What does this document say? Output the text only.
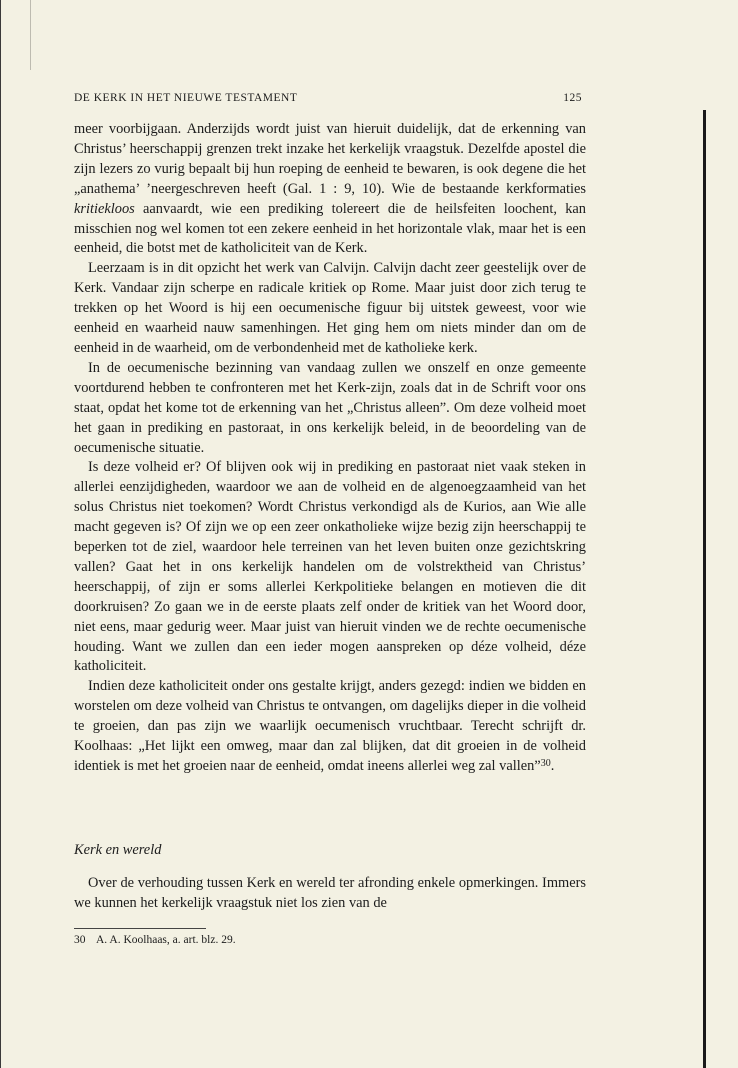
DE KERK IN HET NIEUWE TESTAMENT	125

meer voorbijgaan. Anderzijds wordt juist van hieruit duidelijk, dat de erkenning van Christus’ heerschappij grenzen trekt inzake het kerkelijk vraagstuk. Dezelfde apostel die zijn lezers zo vurig bepaalt bij hun roeping de eenheid te bewaren, is ook degene die het „anathema’ ’neergeschreven heeft (Gal. 1 : 9, 10). Wie de bestaande kerkformaties kritiekloos aanvaardt, wie een prediking tolereert die de heilsfeiten loochent, kan misschien nog wel komen tot een zekere eenheid in het horizontale vlak, maar het is een eenheid, die botst met de katholiciteit van de Kerk.

Leerzaam is in dit opzicht het werk van Calvijn. Calvijn dacht zeer geestelijk over de Kerk. Vandaar zijn scherpe en radicale kritiek op Rome. Maar juist door zich terug te trekken op het Woord is hij een oecumenische figuur bij uitstek geweest, voor wie eenheid en waarheid nauw samenhingen. Het ging hem om niets minder dan om de eenheid in de waarheid, om de verbondenheid met de katholieke kerk.

In de oecumenische bezinning van vandaag zullen we onszelf en onze gemeente voortdurend hebben te confronteren met het Kerk-zijn, zoals dat in de Schrift voor ons staat, opdat het kome tot de erkenning van het „Christus alleen”. Om deze volheid moet het gaan in prediking en pastoraat, in ons kerkelijk beleid, in de beoordeling van de oecumenische situatie.

Is deze volheid er? Of blijven ook wij in prediking en pastoraat niet vaak steken in allerlei eenzijdigheden, waardoor we aan de volheid en de algenoegzaamheid van het solus Christus niet toekomen? Wordt Christus verkondigd als de Kurios, aan Wie alle macht gegeven is? Of zijn we op een zeer onkatholieke wijze bezig zijn heerschappij te beperken tot de ziel, waardoor hele terreinen van het leven buiten onze gezichtskring vallen? Gaat het in ons kerkelijk handelen om de volstrektheid van Christus’ heerschappij, of zijn er soms allerlei Kerkpolitieke belangen en motieven die dit doorkruisen? Zo gaan we in de eerste plaats zelf onder de kritiek van het Woord door, niet eens, maar gedurig weer. Maar juist van hieruit vinden we de rechte oecumenische houding. Want we zullen dan een ieder mogen aanspreken op déze volheid, déze katholiciteit.

Indien deze katholiciteit onder ons gestalte krijgt, anders gezegd: indien we bidden en worstelen om deze volheid van Christus te ontvangen, om dagelijks dieper in die volheid te groeien, dan pas zijn we waarlijk oecumenisch vruchtbaar. Terecht schrijft dr. Koolhaas: „Het lijkt een omweg, maar dan zal blijken, dat dit groeien in de volheid identiek is met het groeien naar de eenheid, omdat ineens allerlei weg zal vallen”$^{30}$.

Kerk en wereld

Over de verhouding tussen Kerk en wereld ter afronding enkele opmerkingen. Immers we kunnen het kerkelijk vraagstuk niet los zien van de

30 A. A. Koolhaas, a. art. blz. 29.
